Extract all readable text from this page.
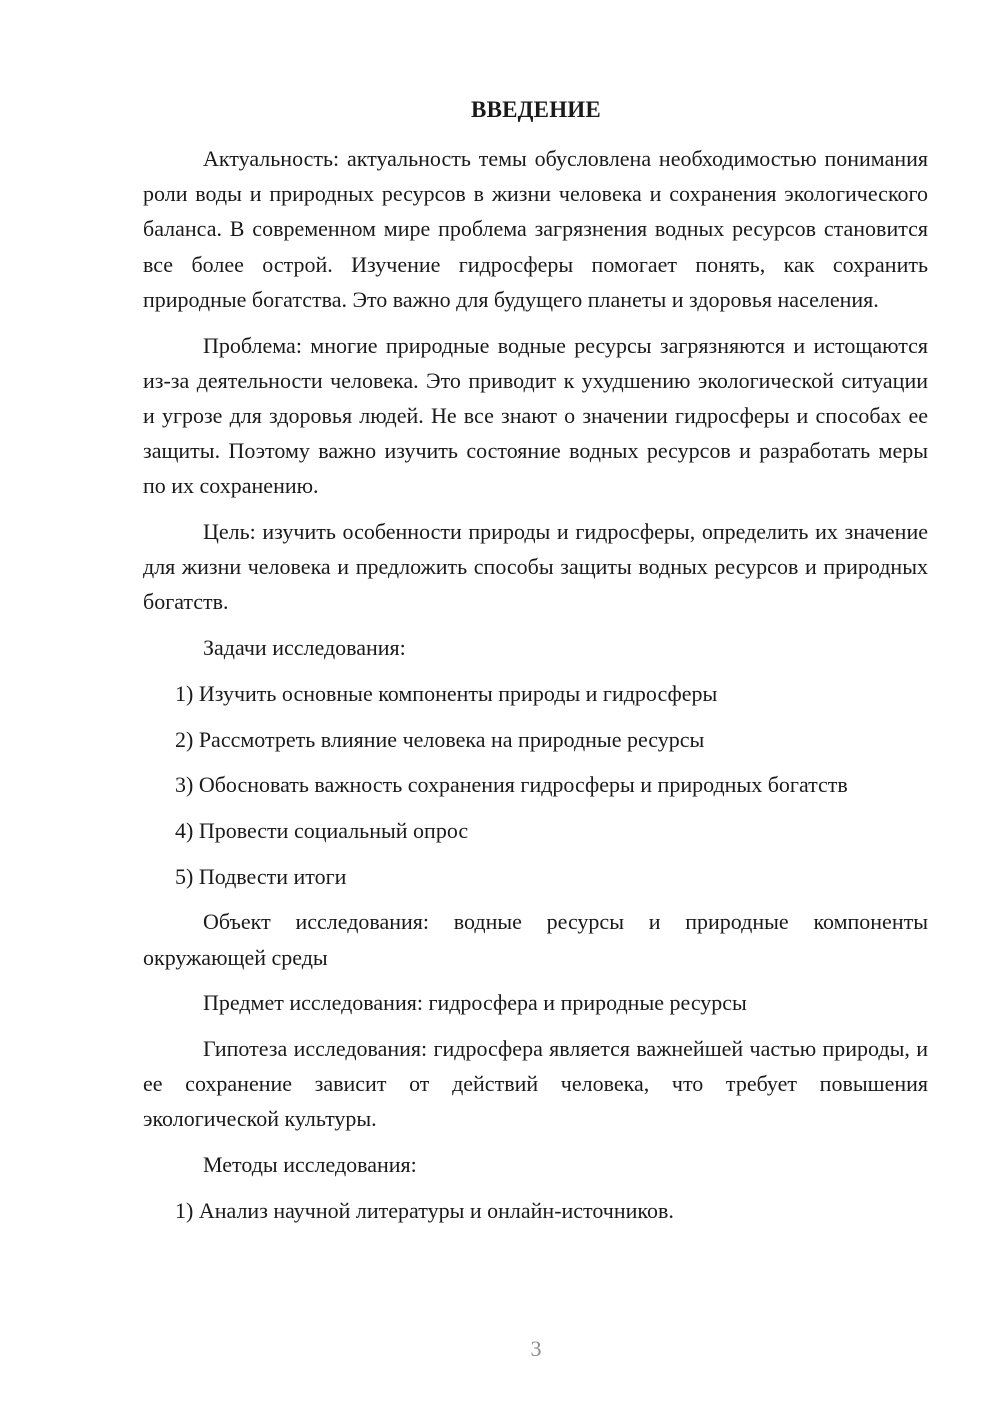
ВВЕДЕНИЕ

Актуальность: актуальность темы обусловлена необходимостью понимания роли воды и природных ресурсов в жизни человека и сохранения экологического баланса. В современном мире проблема загрязнения водных ресурсов становится все более острой. Изучение гидросферы помогает понять, как сохранить природные богатства. Это важно для будущего планеты и здоровья населения.

Проблема: многие природные водные ресурсы загрязняются и истощаются из-за деятельности человека. Это приводит к ухудшению экологической ситуации и угрозе для здоровья людей. Не все знают о значении гидросферы и способах ее защиты. Поэтому важно изучить состояние водных ресурсов и разработать меры по их сохранению.

Цель: изучить особенности природы и гидросферы, определить их значение для жизни человека и предложить способы защиты водных ресурсов и природных богатств.

Задачи исследования:

1) Изучить основные компоненты природы и гидросферы

2) Рассмотреть влияние человека на природные ресурсы

3) Обосновать важность сохранения гидросферы и природных богатств

4) Провести социальный опрос

5) Подвести итоги

Объект исследования: водные ресурсы и природные компоненты окружающей среды

Предмет исследования: гидросфера и природные ресурсы

Гипотеза исследования: гидросфера является важнейшей частью природы, и ее сохранение зависит от действий человека, что требует повышения экологической культуры.

Методы исследования:

1) Анализ научной литературы и онлайн-источников.

3
